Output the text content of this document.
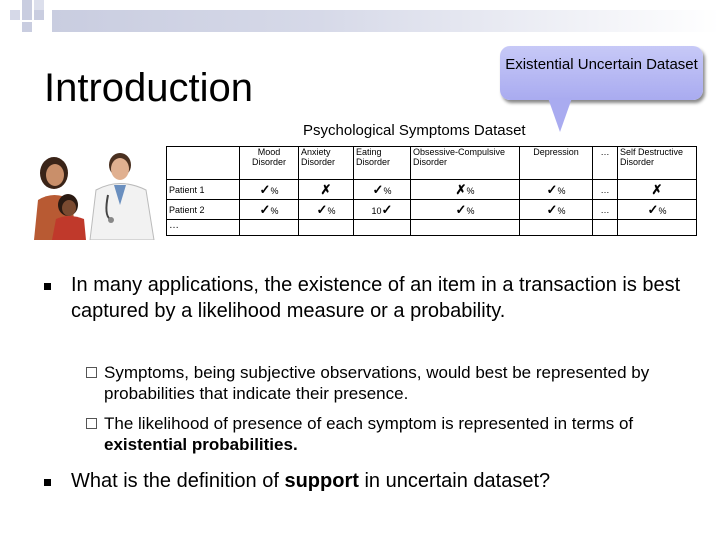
Introduction
Existential Uncertain Dataset
Psychological Symptoms Dataset
	Mood Disorder	Anxiety Disorder	Eating Disorder	Obsessive-Compulsive Disorder	Depression	…	Self Destructive Disorder
Patient 1	✓%	✗	✓%	✗%	✓%	…	✗
Patient 2	✓%	✓%	10✓	✓%	✓%	…	✓%
…							
In many applications, the existence of an item in a transaction is best captured by a likelihood measure or a probability.
Symptoms, being subjective observations, would best be represented by probabilities that indicate their presence.
The likelihood of presence of each symptom is represented in terms of existential probabilities.
What is the definition of support in uncertain dataset?
